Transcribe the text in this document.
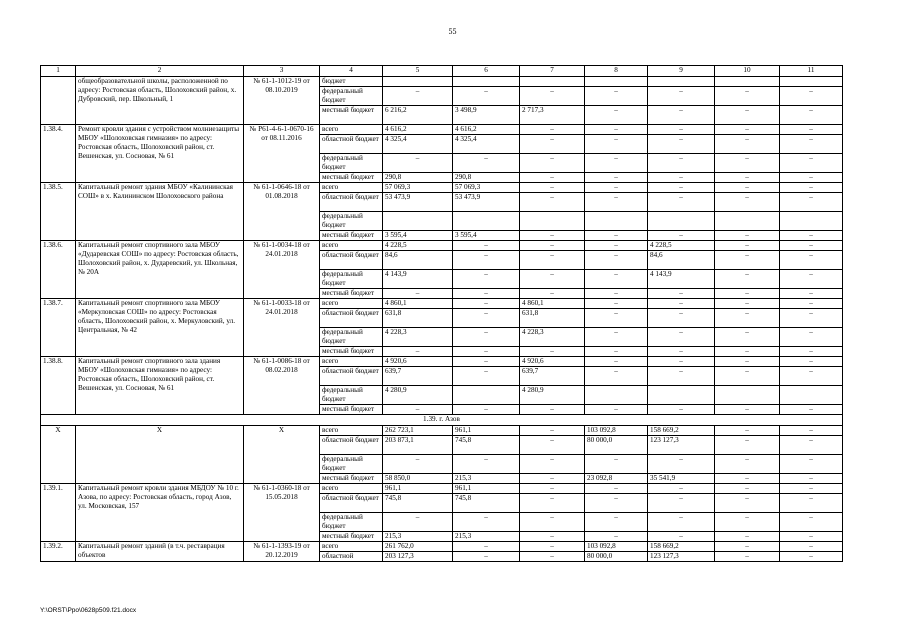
55
1	2	3	4	5	6	7	8	9	10	11
	общеобразовательной школы, расположенной по адресу: Ростовская область, Шолоховский район, х. Дубровский, пер. Школьный, 1	№ 61-1-1012-19 от 08.10.2019	бюджет							
			федеральный бюджет	–	–	–	–	–	–	–
			местный бюджет	6 216,2	3 498,9	2 717,3	–	–	–	–
1.38.4.	Ремонт кровли здания с устройством молниезащиты МБОУ «Шолоховская гимназия» по адресу: Ростовская область, Шолоховский район, ст. Вешенская, ул. Сосновая, № 61	№ Р61-4-6-1-0670-16 от 08.11.2016	всего	4 616,2	4 616,2	–	–	–	–	–
			областной бюджет	4 325,4	4 325,4	–	–	–	–	–
			федеральный бюджет	–	–	–	–	–	–	–
			местный бюджет	290,8	290,8	–	–	–	–	–
1.38.5.	Капитальный ремонт здания МБОУ «Калининская СОШ» в х. Калининском Шолоховского района	№ 61-1-0646-18 от 01.08.2018	всего	57 069,3	57 069,3	–	–	–	–	–
			областной бюджет	53 473,9	53 473,9	–	–	–	–	–
			федеральный бюджет							
			местный бюджет	3 595,4	3 595,4	–	–	–	–	–
1.38.6.	Капитальный ремонт спортивного зала МБОУ «Дударевская СОШ» по адресу: Ростовская область, Шолоховский район, х. Дударевский, ул. Школьная, № 20А	№ 61-1-0034-18 от 24.01.2018	всего	4 228,5	–	–	–	4 228,5	–	–
			областной бюджет	84,6	–	–	–	84,6	–	–
			федеральный бюджет	4 143,9	–	–	–	4 143,9	–	–
			местный бюджет	–	–	–	–	–	–	–
1.38.7.	Капитальный ремонт спортивного зала МБОУ «Меркуловская СОШ» по адресу: Ростовская область, Шолоховский район, х. Меркуловский, ул. Центральная, № 42	№ 61-1-0033-18 от 24.01.2018	всего	4 860,1	–	4 860,1	–	–	–	–
			областной бюджет	631,8	–	631,8	–	–	–	–
			федеральный бюджет	4 228,3	–	4 228,3	–	–	–	–
			местный бюджет	–	–	–	–	–	–	–
1.38.8.	Капитальный ремонт спортивного зала здания МБОУ «Шолоховская гимназия» по адресу: Ростовская область, Шолоховский район, ст. Вешенская, ул. Сосновая, № 61	№ 61-1-0086-18 от 08.02.2018	всего	4 920,6	–	4 920,6	–	–	–	–
			областной бюджет	639,7	–	639,7	–	–	–	–
			федеральный бюджет	4 280,9		4 280,9				
			местный бюджет	–	–	–	–	–	–	–
1.39. г. Азов										
X	X	X	всего	262 723,1	961,1	–	103 092,8	158 669,2	–	–
			областной бюджет	203 873,1	745,8	–	80 000,0	123 127,3	–	–
			федеральный бюджет	–	–	–	–	–	–	–
			местный бюджет	58 850,0	215,3	–	23 092,8	35 541,9	–	–
1.39.1.	Капитальный ремонт кровли здания МБДОУ № 10 г. Азова, по адресу: Ростовская область, город Азов, ул. Московская, 157	№ 61-1-0360-18 от 15.05.2018	всего	961,1	961,1	–	–	–	–	–
			областной бюджет	745,8	745,8	–	–	–	–	–
			федеральный бюджет	–	–	–	–	–	–	–
			местный бюджет	215,3	215,3	–	–	–	–	–
1.39.2.	Капитальный ремонт зданий (в т.ч. реставрация объектов	№ 61-1-1393-19 от 20.12.2019	всего	261 762,0	–	–	103 092,8	158 669,2	–	–
			областной	203 127,3	–	–	80 000,0	123 127,3	–	–
Y:\ORST\Ppo\0628p509.f21.docx
